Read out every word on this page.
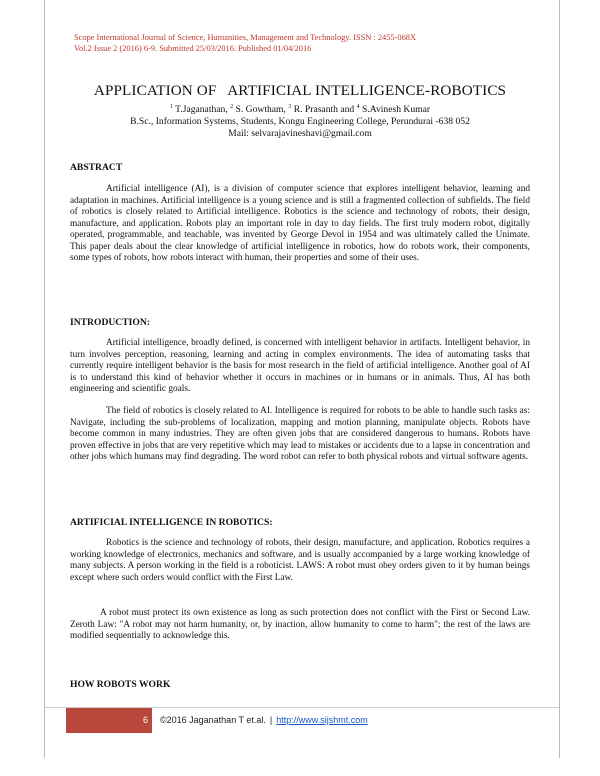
Scope International Journal of Science, Humanities, Management and Technology. ISSN : 2455-068X
Vol.2 Issue 2 (2016) 6-9. Submitted 25/03/2016. Published 01/04/2016
APPLICATION OF   ARTIFICIAL INTELLIGENCE-ROBOTICS
$^1$ T.Jaganathan, $^2$ S. Gowtham, $^3$ R. Prasanth and $^4$ S.Avinesh Kumar
B.Sc., Information Systems, Students, Kongu Engineering College, Perundurai -638 052
Mail: selvarajavineshavi@gmail.com
ABSTRACT
Artificial intelligence (AI), is a division of computer science that explores intelligent behavior, learning and adaptation in machines. Artificial intelligence is a young science and is still a fragmented collection of subfields. The field of robotics is closely related to Artificial intelligence. Robotics is the science and technology of robots, their design, manufacture, and application. Robots play an important role in day to day fields. The first truly modern robot, digitally operated, programmable, and teachable, was invented by George Devol in 1954 and was ultimately called the Unimate. This paper deals about the clear knowledge of artificial intelligence in robotics, how do robots work, their components, some types of robots, how robots interact with human, their properties and some of their uses.
INTRODUCTION:
Artificial intelligence, broadly defined, is concerned with intelligent behavior in artifacts. Intelligent behavior, in turn involves perception, reasoning, learning and acting in complex environments. The idea of automating tasks that currently require intelligent behavior is the basis for most research in the field of artificial intelligence. Another goal of AI is to understand this kind of behavior whether it occurs in machines or in humans or in animals. Thus, AI has both engineering and scientific goals.
The field of robotics is closely related to AI. Intelligence is required for robots to be able to handle such tasks as: Navigate, including the sub-problems of localization, mapping and motion planning, manipulate objects. Robots have become common in many industries. They are often given jobs that are considered dangerous to humans. Robots have proven effective in jobs that are very repetitive which may lead to mistakes or accidents due to a lapse in concentration and other jobs which humans may find degrading. The word robot can refer to both physical robots and virtual software agents.
ARTIFICIAL INTELLIGENCE IN ROBOTICS:
Robotics is the science and technology of robots, their design, manufacture, and application. Robotics requires a working knowledge of electronics, mechanics and software, and is usually accompanied by a large working knowledge of many subjects. A person working in the field is a roboticist. LAWS: A robot must obey orders given to it by human beings except where such orders would conflict with the First Law.
A robot must protect its own existence as long as such protection does not conflict with the First or Second Law. Zeroth Law: "A robot may not harm humanity, or, by inaction, allow humanity to come to harm"; the rest of the laws are modified sequentially to acknowledge this.
HOW ROBOTS WORK
6	©2016 Jaganathan T et.al. | http://www.sijshmt.com
